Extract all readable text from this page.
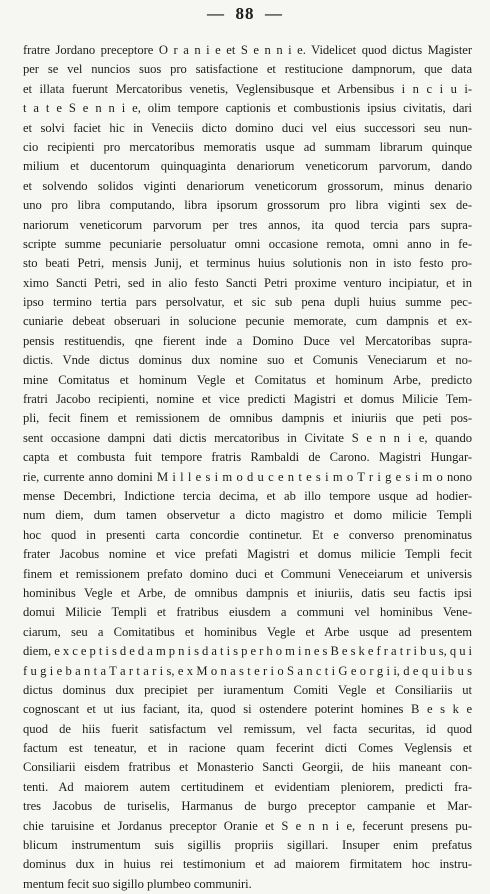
—  88  —
fratre Jordano preceptore O r a n i e et S e n n i e. Videlicet quod dictus Magister
per se vel nuncios suos pro satisfactione et restitucione dampnorum, que data
et illata fuerunt Mercatoribus venetis, Veglensibusque et Arbensibus i n c i u i-
t a t e S e n n i e, olim tempore captionis et combustionis ipsius civitatis, dari
et solvi faciet hic in Veneciis dicto domino duci vel eius successori seu nun-
cio recipienti pro mercatoribus memoratis usque ad summam librarum quinque
milium et ducentorum quinquaginta denariorum veneticorum parvorum, dando
et solvendo solidos viginti denariorum veneticorum grossorum, minus denario
uno pro libra computando, libra ipsorum grossorum pro libra viginti sex de-
nariorum veneticorum parvorum per tres annos, ita quod tercia pars supra-
scripte summe pecuniarie persoluatur omni occasione remota, omni anno in fe-
sto beati Petri, mensis Junij, et terminus huius solutionis non in isto festo pro-
ximo Sancti Petri, sed in alio festo Sancti Petri proxime venturo incipiatur, et in
ipso termino tertia pars persolvatur, et sic sub pena dupli huius summe pec-
cuniarie debeat obseruari in solucione pecunie memorate, cum dampnis et ex-
pensis restituendis, qne fierent inde a Domino Duce vel Mercatoribas supra-
dictis. Vnde dictus dominus dux nomine suo et Comunis Veneciarum et no-
mine Comitatus et hominum Vegle et Comitatus et hominum Arbe, predicto
fratri Jacobo recipienti, nomine et vice predicti Magistri et domus Milicie Tem-
pli, fecit finem et remissionem de omnibus dampnis et iniuriis que peti pos-
sent occasione dampni dati dictis mercatoribus in Civitate S e n n i e, quando
capta et combusta fuit tempore fratris Rambaldi de Carono. Magistri Hungar-
rie, currente anno domini M i l l e s i m o d u c e n t e s i m o T r i g e s i m o nono
mense Decembri, Indictione tercia decima, et ab illo tempore usque ad hodier-
num diem, dum tamen observetur a dicto magistro et domo milicie Templi
hoc quod in presenti carta concordie continetur. Et e converso prenominatus
frater Jacobus nomine et vice prefati Magistri et domus milicie Templi fecit
finem et remissionem prefato domino duci et Communi Veneceiarum et universis
hominibus Vegle et Arbe, de omnibus dampnis et iniuriis, datis seu factis ipsi
domui Milicie Templi et fratribus eiusdem a communi vel hominibus Vene-
ciarum, seu a Comitatibus et hominibus Vegle et Arbe usque ad presentem
diem, e x c e p t i s d e d a m p n i s d a t i s p e r h o m i n e s B e s k e f r a t r i b u s, q u i
f u g i e b a n t a T a r t a r i s, e x M o n a s t e r i o S a n c t i G e o r g i i, d e q u i b u s
dictus dominus dux precipiet per iuramentum Comiti Vegle et Consiliariis ut
cognoscant et ut ius faciant, ita, quod si ostendere poterint homines B e s k e
quod de hiis fuerit satisfactum vel remissum, vel facta securitas, id quod
factum est teneatur, et in racione quam fecerint dicti Comes Veglensis et
Consiliarii eisdem fratribus et Monasterio Sancti Georgii, de hiis maneant con-
tenti. Ad maiorem autem certitudinem et evidentiam pleniorem, predicti fra-
tres Jacobus de turiselis, Harmanus de burgo preceptor campanie et Mar-
chie taruisine et Jordanus preceptor Oranie et S e n n i e, fecerunt presens pu-
blicum instrumentum suis sigillis propriis sigillari. Insuper enim prefatus
dominus dux in huius rei testimonium et ad maiorem firmitatem hoc instru-
mentum fecit suo sigillo plumbeo communiri.
